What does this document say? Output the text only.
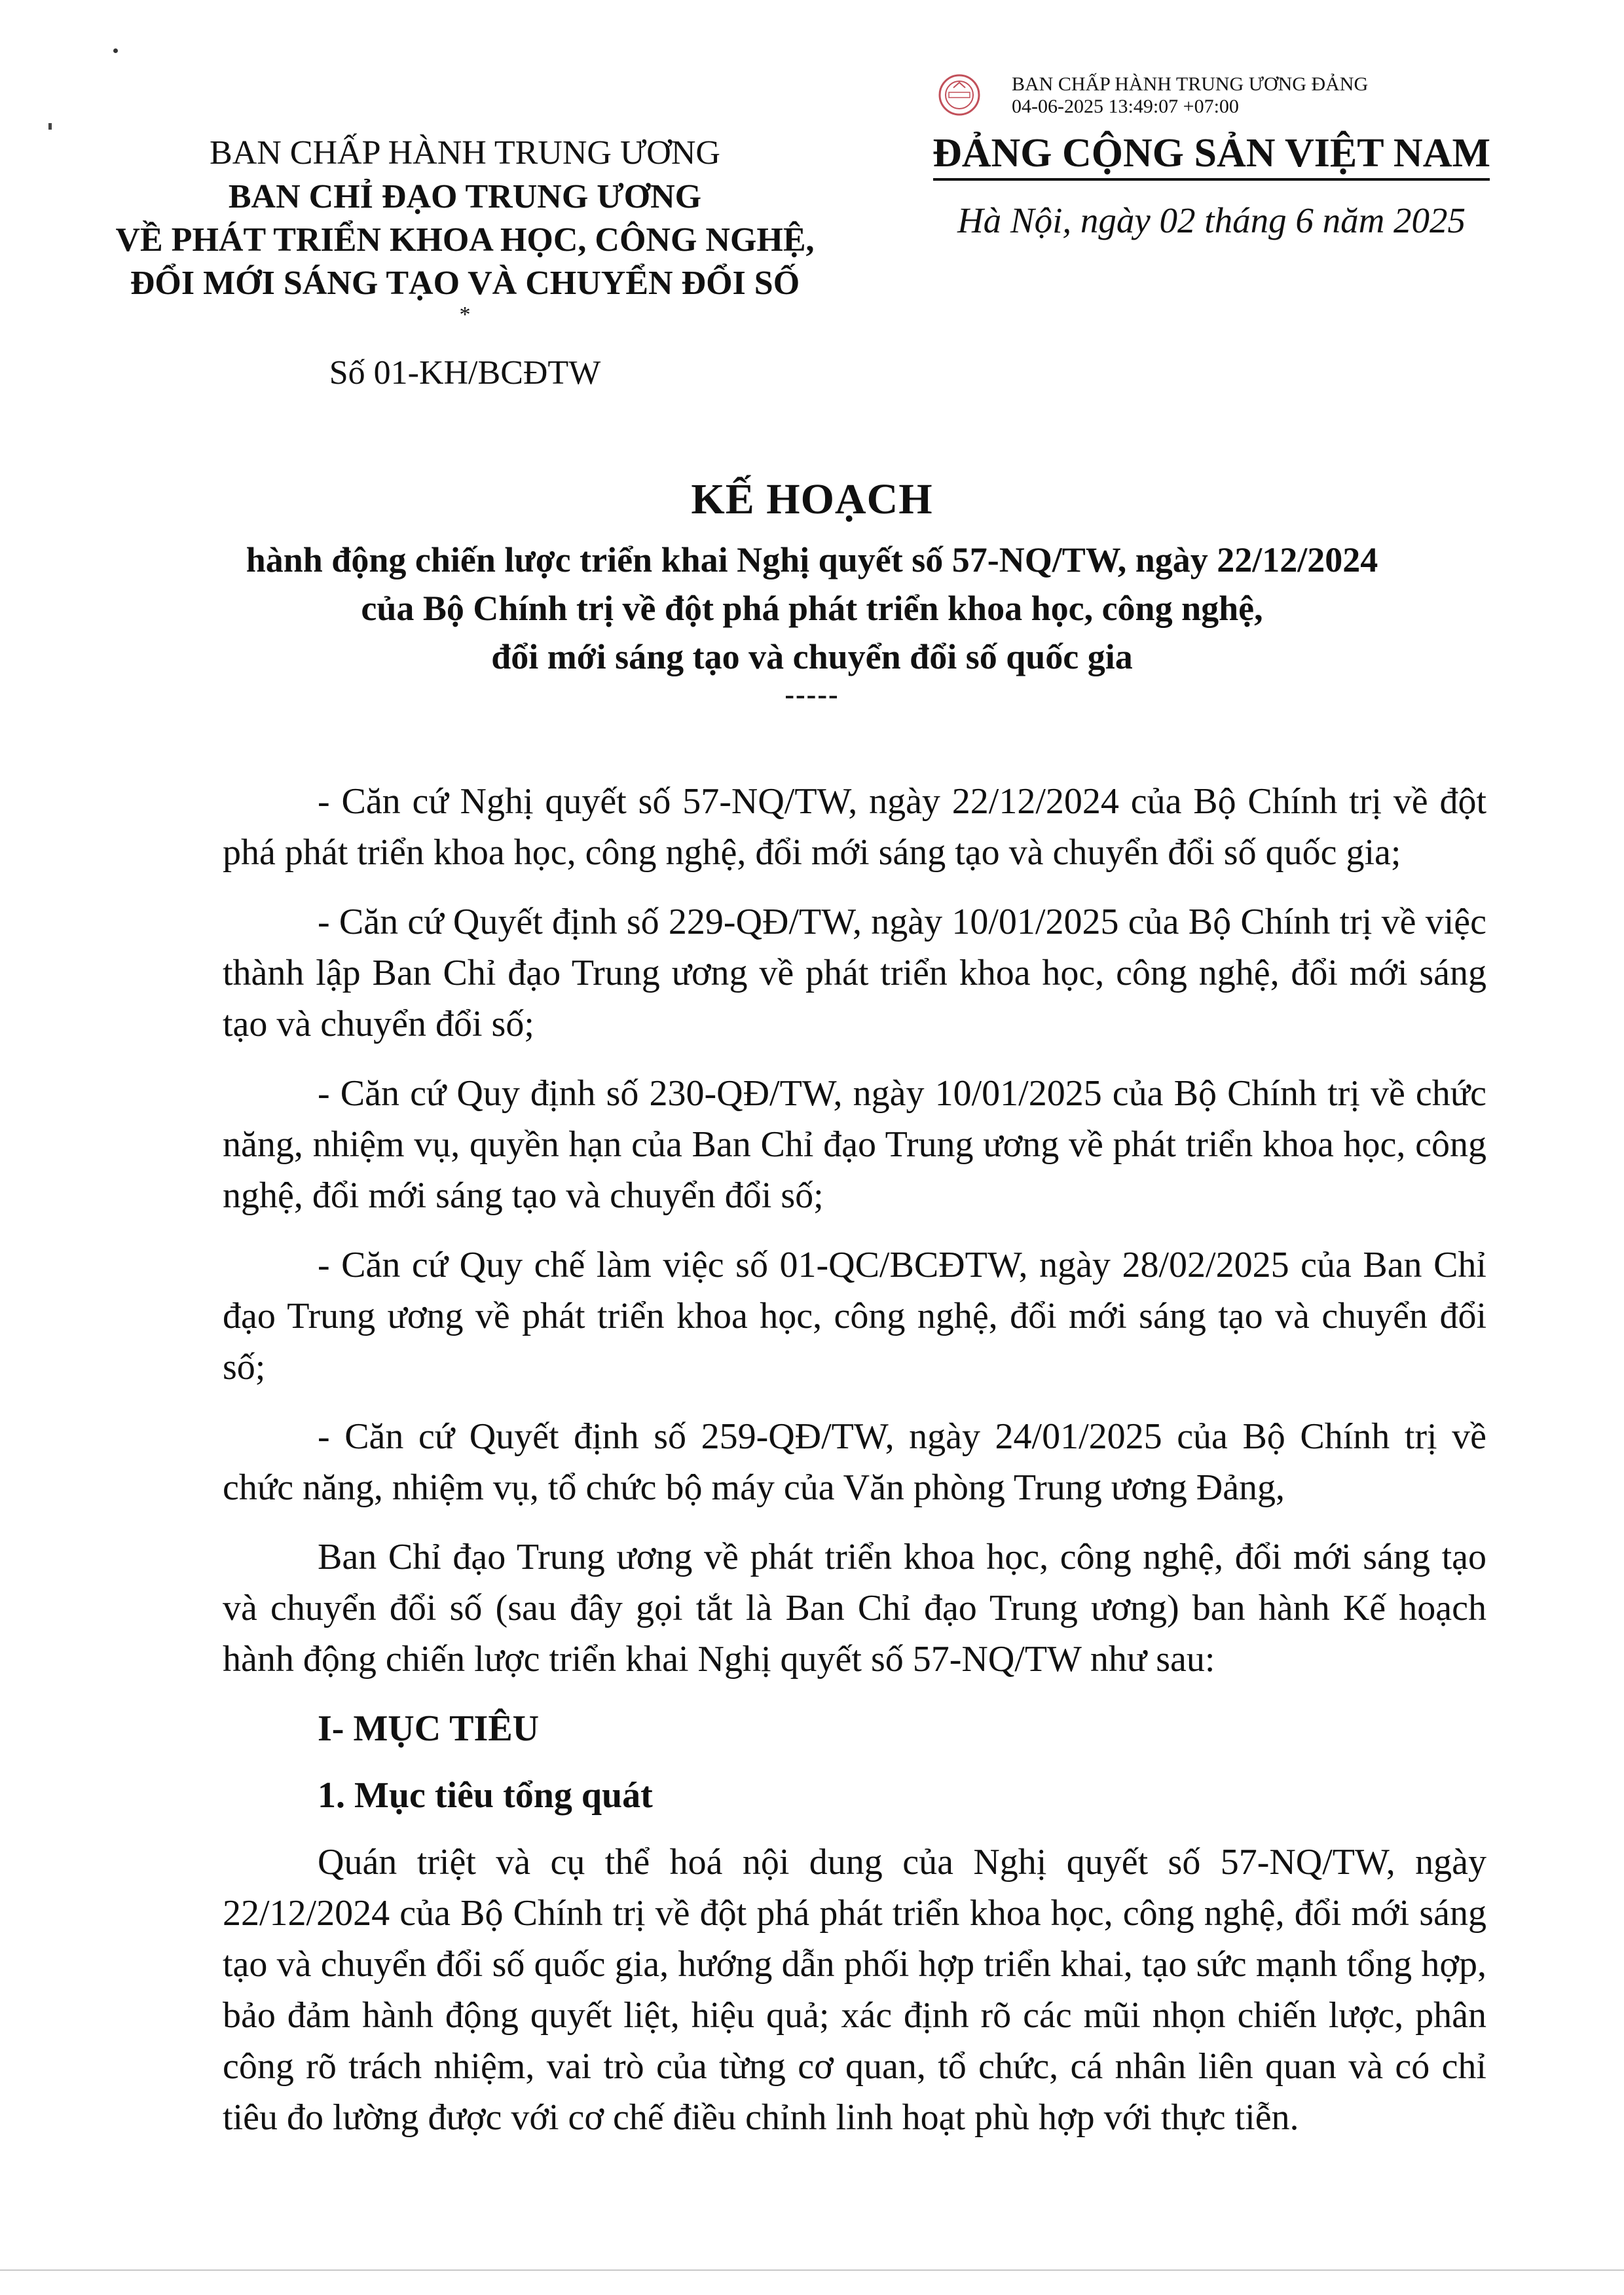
BAN CHẤP HÀNH TRUNG ƯƠNG
BAN CHỈ ĐẠO TRUNG ƯƠNG
VỀ PHÁT TRIỂN KHOA HỌC, CÔNG NGHỆ,
ĐỔI MỚI SÁNG TẠO VÀ CHUYỂN ĐỔI SỐ
*
Số 01-KH/BCĐTW
BAN CHẤP HÀNH TRUNG ƯƠNG ĐẢNG
04-06-2025 13:49:07 +07:00
ĐẢNG CỘNG SẢN VIỆT NAM
Hà Nội, ngày 02 tháng 6 năm 2025
KẾ HOẠCH
hành động chiến lược triển khai Nghị quyết số 57-NQ/TW, ngày 22/12/2024
của Bộ Chính trị về đột phá phát triển khoa học, công nghệ,
đổi mới sáng tạo và chuyển đổi số quốc gia
-----

- Căn cứ Nghị quyết số 57-NQ/TW, ngày 22/12/2024 của Bộ Chính trị về đột phá phát triển khoa học, công nghệ, đổi mới sáng tạo và chuyển đổi số quốc gia;

- Căn cứ Quyết định số 229-QĐ/TW, ngày 10/01/2025 của Bộ Chính trị về việc thành lập Ban Chỉ đạo Trung ương về phát triển khoa học, công nghệ, đổi mới sáng tạo và chuyển đổi số;

- Căn cứ Quy định số 230-QĐ/TW, ngày 10/01/2025 của Bộ Chính trị về chức năng, nhiệm vụ, quyền hạn của Ban Chỉ đạo Trung ương về phát triển khoa học, công nghệ, đổi mới sáng tạo và chuyển đổi số;

- Căn cứ Quy chế làm việc số 01-QC/BCĐTW, ngày 28/02/2025 của Ban Chỉ đạo Trung ương về phát triển khoa học, công nghệ, đổi mới sáng tạo và chuyển đổi số;

- Căn cứ Quyết định số 259-QĐ/TW, ngày 24/01/2025 của Bộ Chính trị về chức năng, nhiệm vụ, tổ chức bộ máy của Văn phòng Trung ương Đảng,

Ban Chỉ đạo Trung ương về phát triển khoa học, công nghệ, đổi mới sáng tạo và chuyển đổi số (sau đây gọi tắt là Ban Chỉ đạo Trung ương) ban hành Kế hoạch hành động chiến lược triển khai Nghị quyết số 57-NQ/TW như sau:

I- MỤC TIÊU

1. Mục tiêu tổng quát

Quán triệt và cụ thể hoá nội dung của Nghị quyết số 57-NQ/TW, ngày 22/12/2024 của Bộ Chính trị về đột phá phát triển khoa học, công nghệ, đổi mới sáng tạo và chuyển đổi số quốc gia, hướng dẫn phối hợp triển khai, tạo sức mạnh tổng hợp, bảo đảm hành động quyết liệt, hiệu quả; xác định rõ các mũi nhọn chiến lược, phân công rõ trách nhiệm, vai trò của từng cơ quan, tổ chức, cá nhân liên quan và có chỉ tiêu đo lường được với cơ chế điều chỉnh linh hoạt phù hợp với thực tiễn.
